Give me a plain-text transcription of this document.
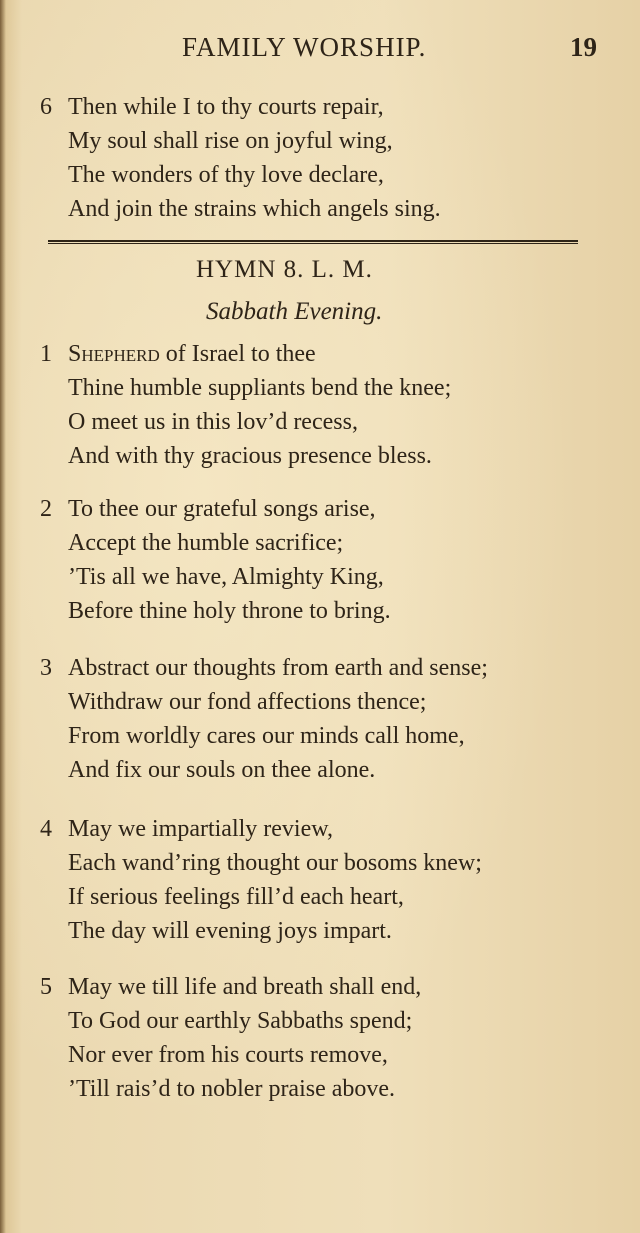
FAMILY WORSHIP.	19
6 Then while I to thy courts repair,
My soul shall rise on joyful wing,
The wonders of thy love declare,
And join the strains which angels sing.
HYMN 8. L. M.
Sabbath Evening.
1 Shepherd of Israel to thee
Thine humble suppliants bend the knee;
O meet us in this lov’d recess,
And with thy gracious presence bless.
2 To thee our grateful songs arise,
Accept the humble sacrifice;
’Tis all we have, Almighty King,
Before thine holy throne to bring.
3 Abstract our thoughts from earth and sense;
Withdraw our fond affections thence;
From worldly cares our minds call home,
And fix our souls on thee alone.
4 May we impartially review,
Each wand’ring thought our bosoms knew;
If serious feelings fill’d each heart,
The day will evening joys impart.
5 May we till life and breath shall end,
To God our earthly Sabbaths spend;
Nor ever from his courts remove,
’Till rais’d to nobler praise above.
